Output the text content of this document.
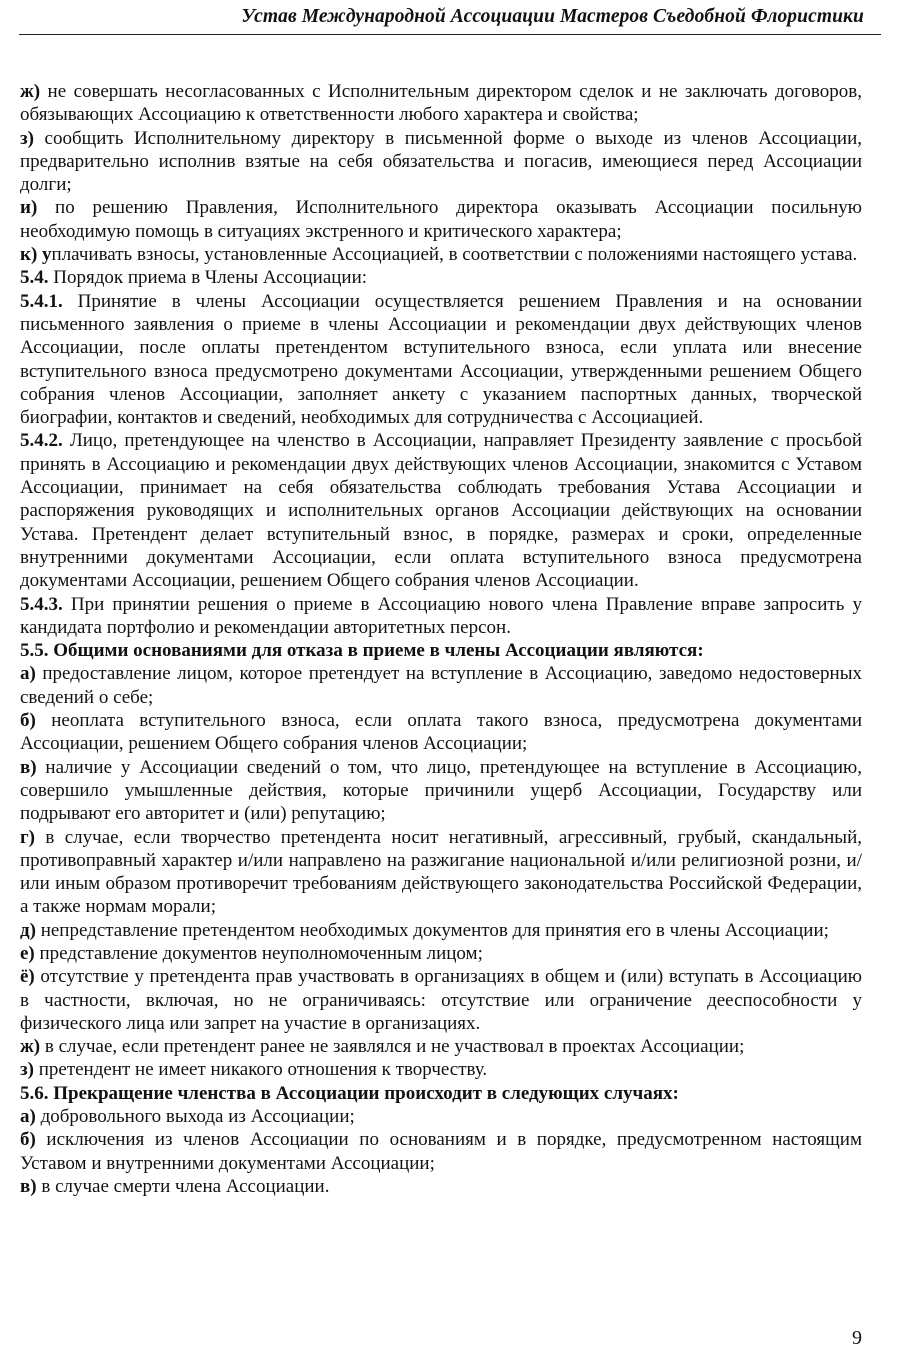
Устав Международной Ассоциации Мастеров Съедобной Флористики

ж) не совершать несогласованных с Исполнительным директором сделок и не заключать договоров, обязывающих Ассоциацию к ответственности любого характера и свойства;

з) сообщить Исполнительному директору в письменной форме о выходе из членов Ассоциации, предварительно исполнив взятые на себя обязательства и погасив, имеющиеся перед Ассоциации долги;

и) по решению Правления, Исполнительного директора оказывать Ассоциации посильную необходимую помощь в ситуациях экстренного и критического характера;

к) уплачивать взносы, установленные Ассоциацией, в соответствии с положениями настоящего устава.

5.4. Порядок приема в Члены Ассоциации:

5.4.1. Принятие в члены Ассоциации осуществляется решением Правления и на основании письменного заявления о приеме в члены Ассоциации и рекомендации двух действующих членов Ассоциации, после оплаты претендентом вступительного взноса, если уплата или внесение вступительного взноса предусмотрено документами Ассоциации, утвержденными решением Общего собрания членов Ассоциации, заполняет анкету с указанием паспортных данных, творческой биографии, контактов и сведений, необходимых для сотрудничества с Ассоциацией.

5.4.2. Лицо, претендующее на членство в Ассоциации, направляет Президенту заявление с просьбой принять в Ассоциацию и рекомендации двух действующих членов Ассоциации, знакомится с Уставом Ассоциации, принимает на себя обязательства соблюдать требования Устава Ассоциации и распоряжения руководящих и исполнительных органов Ассоциации действующих на основании Устава. Претендент делает вступительный взнос, в порядке, размерах и сроки, определенные внутренними документами Ассоциации, если оплата вступительного взноса предусмотрена документами Ассоциации, решением Общего собрания членов Ассоциации.

5.4.3. При принятии решения о приеме в Ассоциацию нового члена Правление вправе запросить у кандидата портфолио и рекомендации авторитетных персон.

5.5. Общими основаниями для отказа в приеме в члены Ассоциации являются:

а) предоставление лицом, которое претендует на вступление в Ассоциацию, заведомо недостоверных сведений о себе;

б) неоплата вступительного взноса, если оплата такого взноса, предусмотрена документами Ассоциации, решением Общего собрания членов Ассоциации;

в) наличие у Ассоциации сведений о том, что лицо, претендующее на вступление в Ассоциацию, совершило умышленные действия, которые причинили ущерб Ассоциации, Государству или подрывают его авторитет и (или) репутацию;

г) в случае, если творчество претендента носит негативный, агрессивный, грубый, скандальный, противоправный характер и/или направлено на разжигание национальной и/или религиозной розни, и/или иным образом противоречит требованиям действующего законодательства Российской Федерации, а также нормам морали;

д) непредставление претендентом необходимых документов для принятия его в члены Ассоциации;

е) представление документов неуполномоченным лицом;

ё) отсутствие у претендента прав участвовать в организациях в общем и (или) вступать в Ассоциацию в частности, включая, но не ограничиваясь: отсутствие или ограничение дееспособности у физического лица или запрет на участие в организациях.

ж) в случае, если претендент ранее не заявлялся и не участвовал в проектах Ассоциации;

з) претендент не имеет никакого отношения к творчеству.

5.6. Прекращение членства в Ассоциации происходит в следующих случаях:

а) добровольного выхода из Ассоциации;

б) исключения из членов Ассоциации по основаниям и в порядке, предусмотренном настоящим Уставом и внутренними документами Ассоциации;

в) в случае смерти члена Ассоциации.

9
